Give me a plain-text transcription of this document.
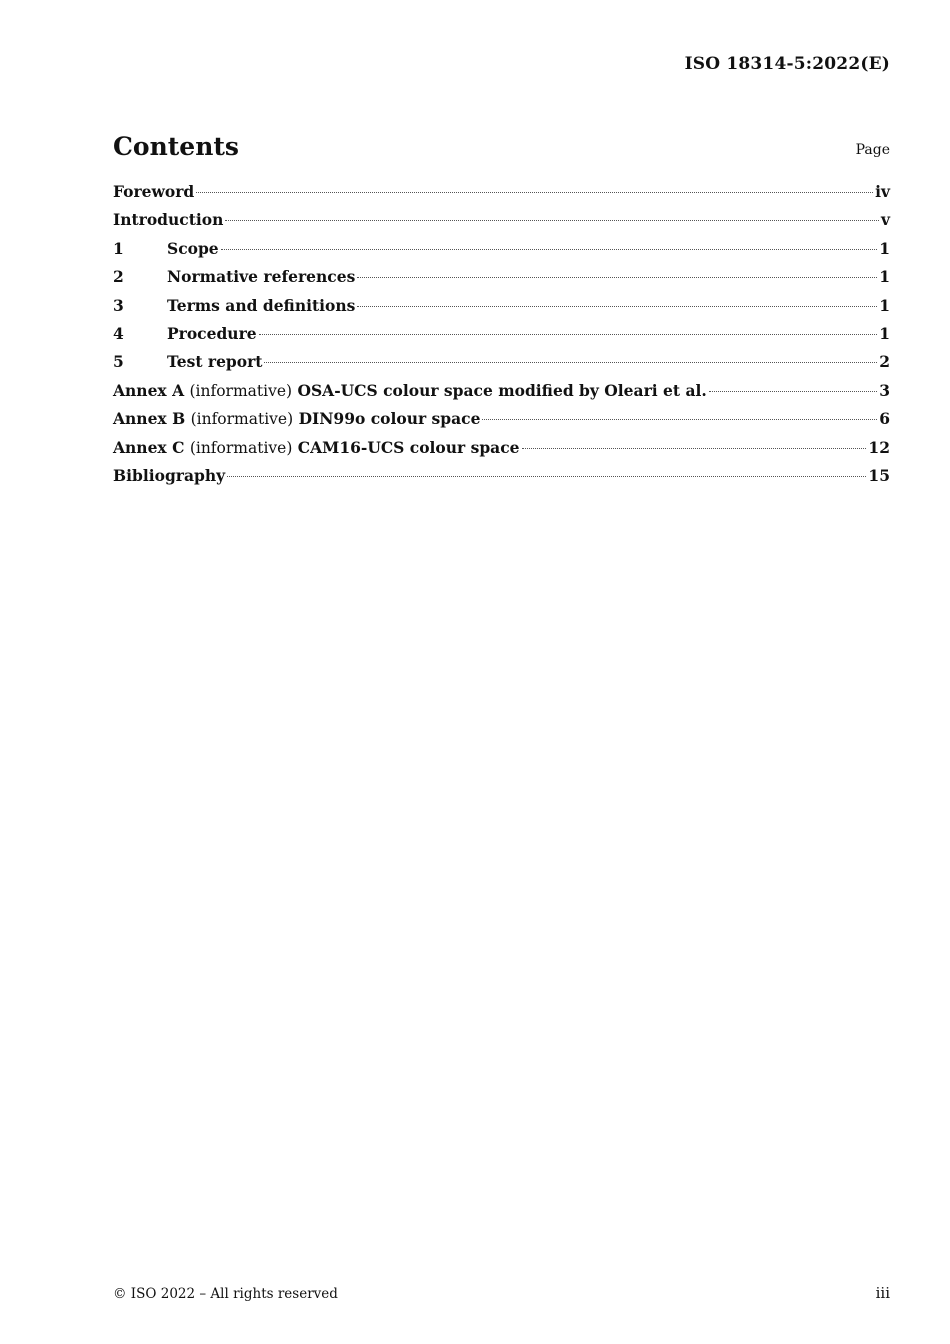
ISO 18314-5:2022(E)
Contents	Page
Foreword	iv
Introduction	v
1	Scope	1
2	Normative references	1
3	Terms and definitions	1
4	Procedure	1
5	Test report	2
Annex A (informative) OSA-UCS colour space modified by Oleari et al.	3
Annex B (informative) DIN99o colour space	6
Annex C (informative) CAM16-UCS colour space	12
Bibliography	15
© ISO 2022 – All rights reserved	iii
